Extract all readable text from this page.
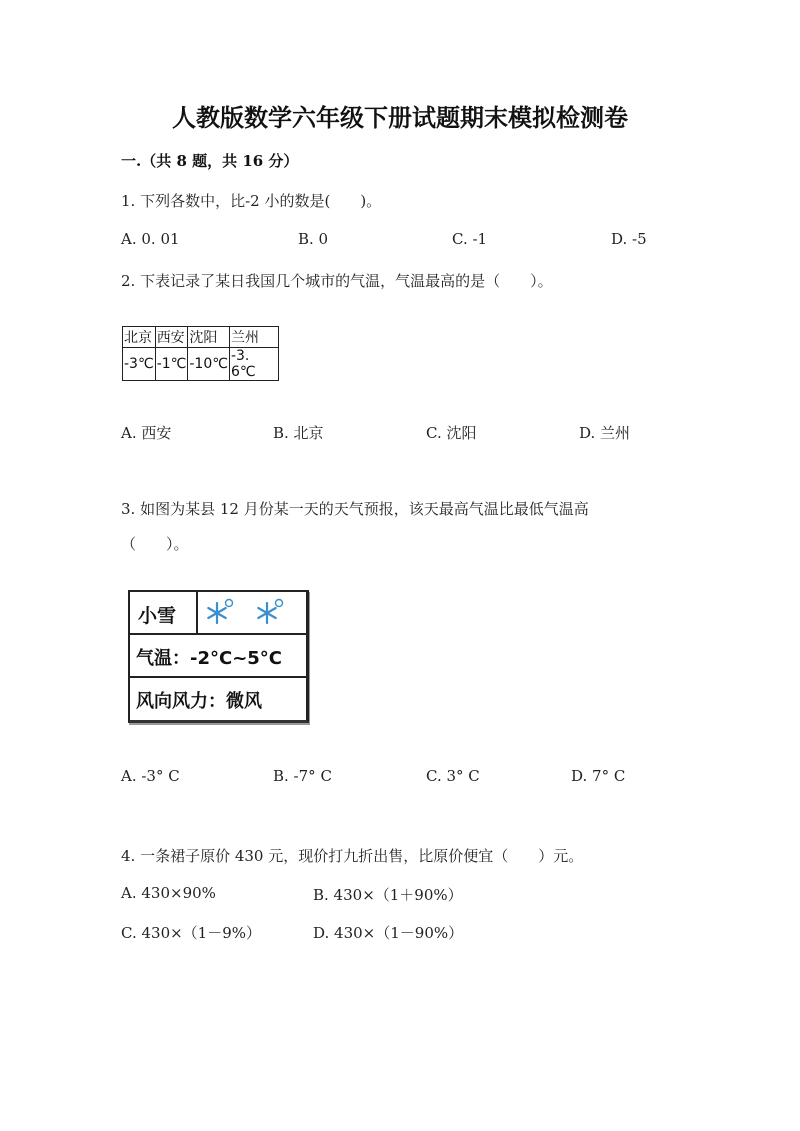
人教版数学六年级下册试题期末模拟检测卷
一.（共 8 题，共 16 分）
1. 下列各数中，比-2 小的数是(　　)。
A. 0. 01	B. 0	C. -1	D. -5
2. 下表记录了某日我国几个城市的气温，气温最高的是（　　）。
北京	西安	沈阳	兰州
-3℃	-1℃	-10℃	-3. 6℃
A. 西安	B. 北京	C. 沈阳	D. 兰州
3. 如图为某县 12 月份某一天的天气预报，该天最高气温比最低气温高
（　　）。
小雪
气温：-2°C~5°C
风向风力：微风
A. -3° C	B. -7° C	C. 3° C	D. 7° C
4. 一条裙子原价 430 元，现价打九折出售，比原价便宜（　　）元。
A. 430×90%	B. 430×（1＋90%）
C. 430×（1－9%）	D. 430×（1－90%）
